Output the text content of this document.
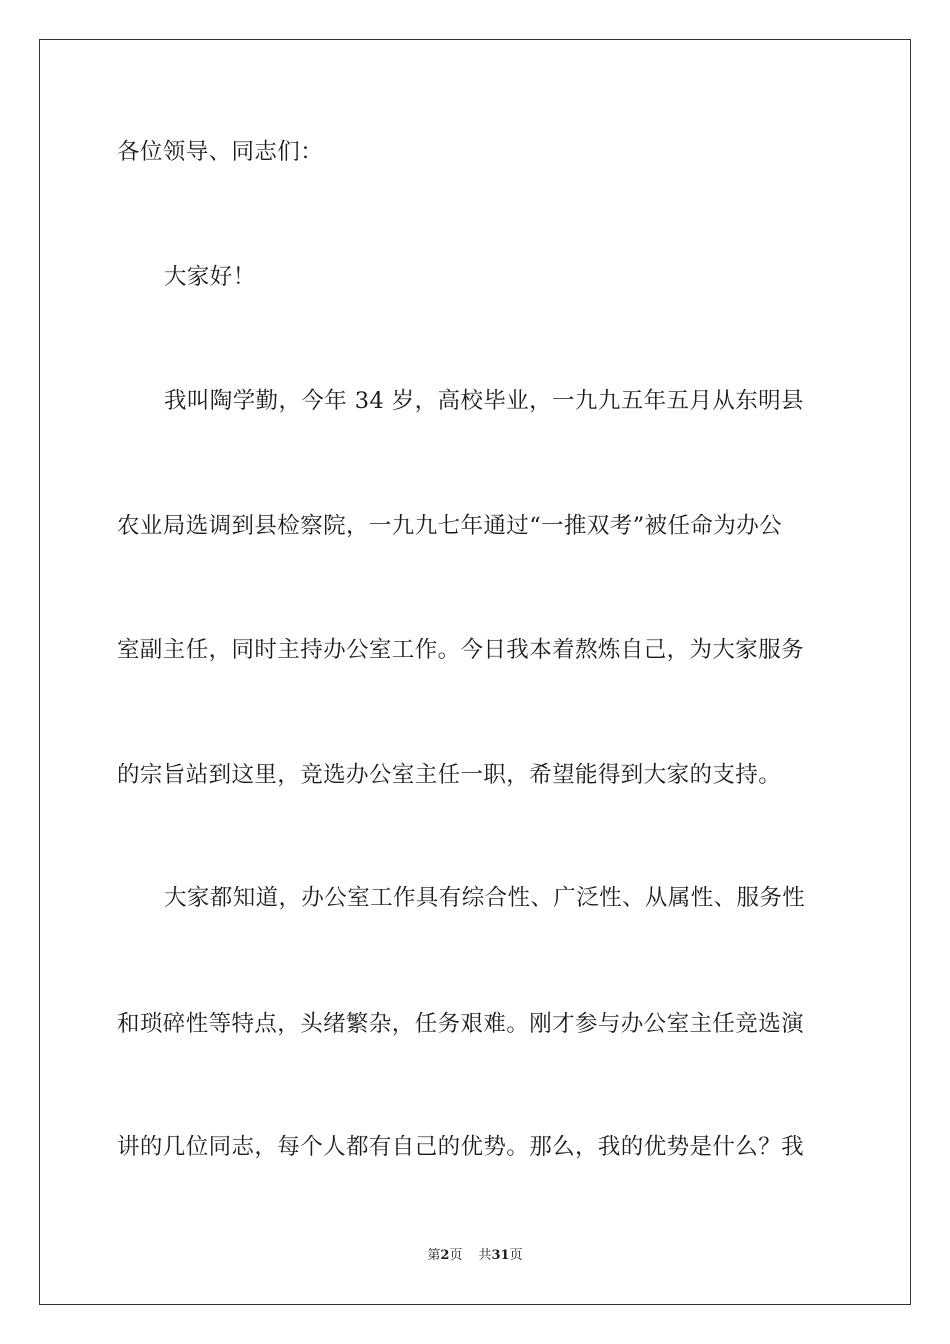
各位领导、同志们：
大家好！
我叫陶学勤，今年 34 岁，高校毕业，一九九五年五月从东明县
农业局选调到县检察院，一九九七年通过“一推双考”被任命为办公
室副主任，同时主持办公室工作。今日我本着熬炼自己，为大家服务
的宗旨站到这里，竞选办公室主任一职，希望能得到大家的支持。
大家都知道，办公室工作具有综合性、广泛性、从属性、服务性
和琐碎性等特点，头绪繁杂，任务艰难。刚才参与办公室主任竞选演
讲的几位同志，每个人都有自己的优势。那么，我的优势是什么？我
第2页 共31页
